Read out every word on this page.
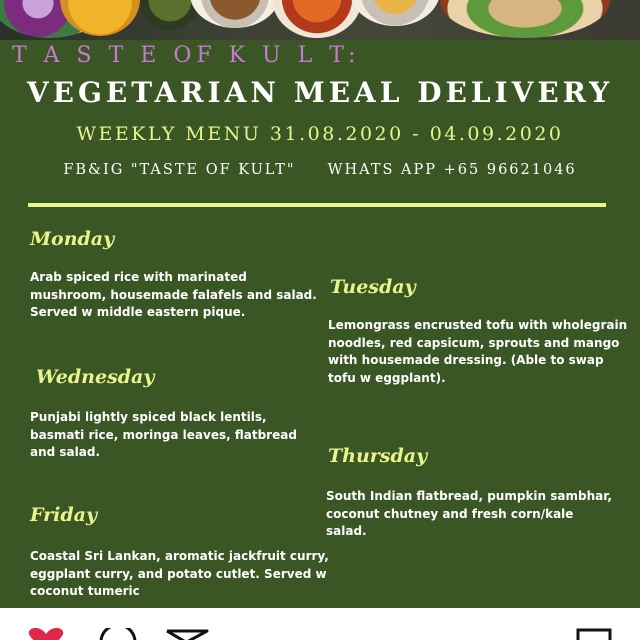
T A S T E OF K U L T:
VEGETARIAN MEAL DELIVERY
WEEKLY MENU 31.08.2020 - 04.09.2020
FB&IG "TASTE OF KULT" WHATS APP +65 96621046
Monday
Arab spiced rice with marinated mushroom, housemade falafels and salad. Served w middle eastern pique.
Tuesday
Lemongrass encrusted tofu with wholegrain noodles, red capsicum, sprouts and mango with housemade dressing. (Able to swap tofu w eggplant).
Wednesday
Punjabi lightly spiced black lentils, basmati rice, moringa leaves, flatbread and salad.	Thursday
South Indian flatbread, pumpkin sambhar, coconut chutney and fresh corn/kale salad.
Friday
Coastal Sri Lankan, aromatic jackfruit curry, eggplant curry, and potato cutlet. Served w coconut tumeric
